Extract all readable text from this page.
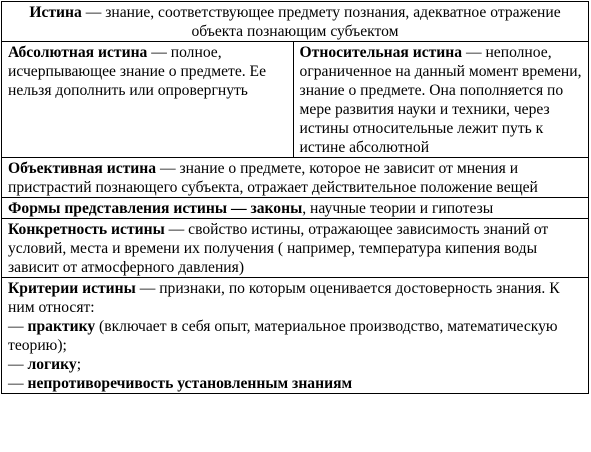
Истина — знание, соответствующее предмету познания, адекватное отражение объекта познающим субъектом
Абсолютная истина — полное, исчерпывающее знание о предмете. Ее нельзя дополнить или опровергнуть	Относительная истина — неполное, ограниченное на данный момент времени, знание о предмете. Она пополняется по мере развития науки и техники, через истины относительные лежит путь к истине абсолютной
Объективная истина — знание о предмете, которое не зависит от мнения и пристрастий познающего субъекта, отражает действительное положение вещей
Формы представления истины — законы, научные теории и гипотезы
Конкретность истины — свойство истины, отражающее зависимость знаний от условий, места и времени их получения ( например, температура кипения воды зависит от атмосферного давления)
Критерии истины — признаки, по которым оценивается достоверность знания. К ним относят:
— практику (включает в себя опыт, материальное производство, математическую теорию);
— логику;
— непротиворечивость установленным знаниям
